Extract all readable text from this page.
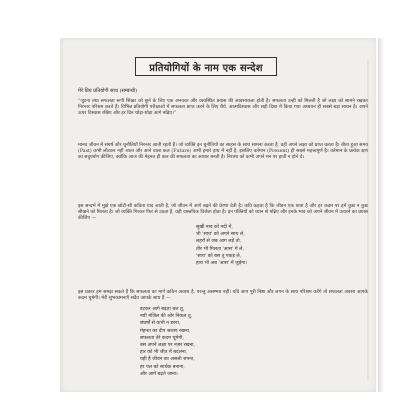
प्रतियोगियों के नाम एक सन्देश
मेरे प्रिय प्रतियोगी साथ (सम्बन्धी)
“जुटना तथा सफलता रूपी शिखर को छूने के लिए एक अनवरत और व्यवस्थित प्रयास की आवश्यकता होती है। सफलता उन्हीं को मिलती है जो लक्ष्य को सामने रखकर निरन्तर परिश्रम करते हैं। विभिन्न प्रतियोगी परीक्षाओं में सफलता प्राप्त करने के लिए धैर्य, आत्मविश्वास और सही दिशा में किया गया अध्ययन ही सबसे बड़ा साधन है। अपने ऊपर विश्वास रखिए और हर दिन थोड़ा-थोड़ा आगे बढ़िए।”
मानव जीवन में संघर्ष और चुनौतियाँ निरन्तर आती रहती हैं। जो व्यक्ति इन चुनौतियों का साहस के साथ सामना करता है, वही अपने लक्ष्य को प्राप्त करता है। बीता हुआ समय (Past) कभी लौटकर नहीं आता और आने वाला कल (Future) अभी हमारे हाथ में नहीं है, इसलिए वर्तमान (Present) ही सबसे महत्त्वपूर्ण है। वर्तमान के प्रत्येक क्षण का सदुपयोग कीजिए, क्योंकि आज की मेहनत ही कल की सफलता का आधार बनती है। निराशा को कभी अपने मन पर हावी न होने दें।
इस सन्दर्भ में मुझे एक छोटी-सी कविता याद आती है, जो जीवन में आगे बढ़ने की प्रेरणा देती है। कवि कहता है कि जीवन एक यात्रा है और हर कदम पर हमें कुछ न कुछ सीखने को मिलता है। जो व्यक्ति गिरकर फिर से उठता है, वही वास्तविक विजेता होता है। इन पंक्तियों को ध्यान से पढ़िए और इनके भाव को अपने जीवन में उतारने का प्रयास कीजिए —
सूखी नाव को नदी में,
भी 'साथ' को अपने साथ ले,
लहरों से जब आग लड़े तो,
तीर भी मिलता 'आस' में ले,
'साथ' को बस तू पकड़ ले,
हाथ भी अब 'आस' में जुड़ेगा।
इस प्रकार हम समझ सकते हैं कि सफलता का मार्ग कठिन अवश्य है, परन्तु असम्भव नहीं। यदि आप पूरी निष्ठा और लगन के साथ परिश्रम करेंगे तो सफलता अवश्य आपके कदम चूमेगी। मेरी शुभकामनाएँ सदैव आपके साथ हैं —
डटकर आगे बढ़ता चल तू,
नयी मंज़िल की ओर निकल तू,
संघर्षों से कभी न डरना,
मेहनत का दीप जलाए रखना,
सफलता तेरे कदम चूमेगी,
बस अपने लक्ष्य पर नज़र रखना,
हार को भी जीत में बदलना,
यही है जीवन का असली सपना,
हर पल को सार्थक बनाना,
और आगे बढ़ते जाना।
